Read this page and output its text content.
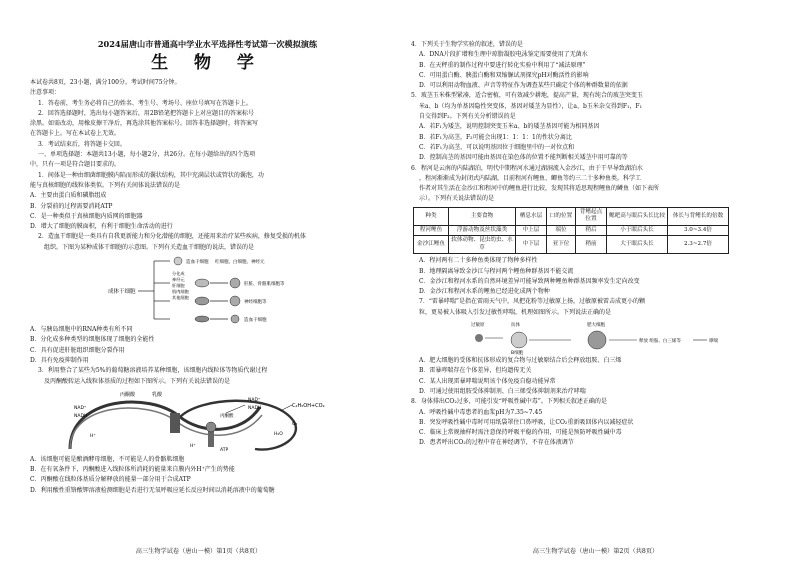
2024届唐山市普通高中学业水平选择性考试第一次模拟演练
生 物 学
本试卷共8页，23小题，满分100分。考试时间75分钟。
注意事项：
1．答卷前，考生务必将自己的姓名、考生号、考场号、座位号填写在答题卡上。
2．回答选择题时，选出每小题答案后，用2B铅笔把答题卡上对应题目的答案标号
涂黑。如需改动，用橡皮擦干净后，再选涂其他答案标号。回答非选择题时，将答案写
在答题卡上。写在本试卷上无效。
3．考试结束后，将答题卡交回。
一、单项选择题：本题共13小题，每小题2分，共26分。在每小题给出的四个选项
中，只有一项是符合题目要求的。
1．间体是一种由细菌细胞膜内陷而形成的囊状结构，其中充满层状或管状的囊泡，功
能与真核细胞的线粒体类似。下列有关间体说法错误的是
A．主要由蛋白质和磷脂组成
B．分裂前的过程需要消耗ATP
C．是一种类似于真核细胞内质网的细胞器
D．增大了细胞的膜面积，有利于细胞生命活动的进行
2．造血干细胞是一类具有自我更新能力和分化潜能的细胞，还能用来治疗某些疾病，修复受损的机体
组织。下图为某种成体干细胞的示意图。下列有关造血干细胞的说法，错误的是
成体干细胞
造血干细胞 红细胞、白细胞、神经元
分化成
神经元
肝细胞
肌肉细胞
其他细胞
肝脏、骨骼肌细胞等
神经细胞等
造血干细胞
A．与胰岛细胞中的RNA种类有所不同
B．分化成多种类型的细胞体现了细胞的全能性
C．具有促进肝脏组织细胞分裂作用
D．具有免疫抑制作用
3．利用整合了某些为5%的葡萄糖溶液培养某种细胞，该细胞内线粒体等物质代谢过程
及丙酮酸转运入线粒体基质的过程如下图所示。下列有关说法错误的是
丙酮酸	乳酸
NAD⁺
NADH
NAD⁺
NADH	C₂H₅OH+CO₂
H⁺	H₂O
O₂
丙酮酸
H⁺
ATP
A．该细胞可能是酿酒酵母细胞，不可能是人的骨骼肌细胞
B．在有氧条件下，丙酮酸进入线粒体所消耗的能量来自膜内外H⁺产生的势能
C．丙酮酸在线粒体基质分解释放的能量一部分用于合成ATP
D．利用酸性重铬酸钾溶液检测细胞是否进行无氧呼吸应延长反应时间以消耗溶液中的葡萄糖
高三生物学试卷（唐山一模）第1页（共8页）
4．下列关于生物学实验的叙述，错误的是
A．DNA片段扩增和生理中琼脂凝胶电泳鉴定需要使用了无菌水
B．在天秤重的制作过程中要进行转化实验中利用了“减法原理”
C．可用蛋白酶、胰蛋白酶和双缩脲试剂探究pH对酶活性的影响
D．可以利用动物血液、声音等特征作为调查某些只确定个体的种群数量的依据
5．玻茎玉米株型紧凑，适合密植，可有效减少耕地，提高产量，现有纯合的玻茎突变玉
米a、b（均为单基因隐性突变体，基因对矮茎为显性），让a、b玉米杂交得到F₁，F₁
自交得到F₂。下列有关分析错误的是
A．若F₁为矮茎，说明控制突变玉米a、b的矮茎基因可能为相同基因
B．若F₁为高茎，F₂可能会出现1：1：1：1的性状分离比
C．若F₁为高茎，可以说明基因位于细胞里中的一对位点和
D．控制高茎的基因可能由基因在染色体的位置不能判断相关矮茎中用可靠的等
6．程河是云南的内陆湖泊，明代中期程河水通过湖洞流入金沙江，由于干旱导致湖泊水
，程河渐渐成为封闭式内陆湖，目前程河有鲤鱼、鲫鱼等约三二十多种鱼类。科学工
作者对其生活在金沙江和程河中的鲤鱼进行比较，发现其将适思现程鲤鱼的鳞鱼（如下表所
示）。下列有关说法错误的是
种类	主要食物	栖息水层	口的位置	背鳍起点位置	鳃耙高与眼后头长比较	体长与背鳍长的倍数
程河鲤鱼	浮游动物及丝状藻类	中上层	端位	稍后	小于眼后头长	3.0~3.4倍
金沙江鲤鱼	软体动物、昆虫幼虫、水草	中下层	亚下位	稍前	大于眼后头长	2.3~2.7倍
A．程河两有二十多种鱼类体现了物种多样性
B．地理隔离导致金沙江与程河两个鲤鱼种群基因不能交流
C．金沙江和程河水系的自然环境差异可能导致两种鲤鱼种群基因频率发生定向改变
D．金沙江和程河水系的鲤鱼已经进化成两个物种
7．“雷暴哮喘”是指在雷雨天气中，风把花粉等过敏原上扬，过敏原被雷击成更小的颗
粒，更易被人体吸入引发过敏性哮喘，机理如图所示。下列说法正确的是
过敏原	抗体
B细胞
肥大细胞
释放 组胺、白三烯等	哮喘
A．肥大细胞的受体和抗体形成的复合物与过敏原结合后会释放组胺、白三烯
B．雷暴哮喘存在个体差异，但均遗传无关
C．某人出现雷暴哮喘说明该个体免疫自稳功能异常
D．可通过使用组胺受体抑制剂、白三烯受体抑制剂来治疗哮喘
8．身体排出CO₂过多，可能引发“呼吸性碱中毒”。下列相关叙述正确的是
A．呼吸性碱中毒患者的血浆pH为7.35~7.45
B．突发呼吸性碱中毒时可用纸袋罩住口鼻呼吸，让CO₂重新吸回体内以减轻症状
C．临床上常规抽样时需注意保持呼吸平稳的作用，可能是预防呼吸性碱中毒
D．患者呼出CO₂的过程中存在神经调节，不存在体液调节
高三生物学试卷（唐山一模）第2页（共8页）
